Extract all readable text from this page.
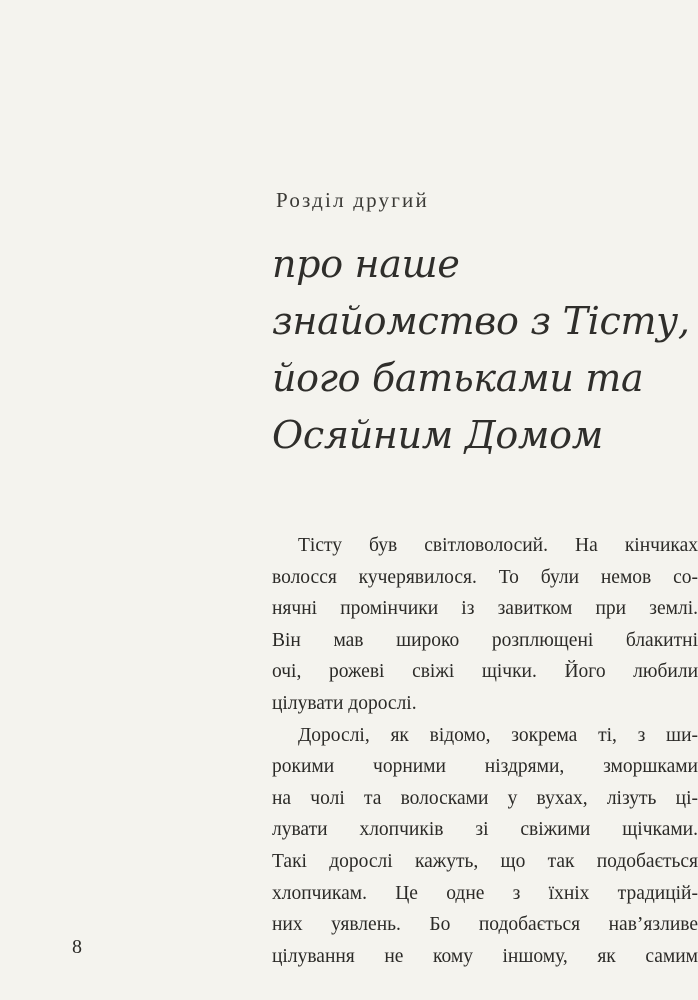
Розділ другий
про наше
знайомство з Тісту,
його батьками та
Осяйним Домом
Тісту був світловолосий. На кінчиках
волосся кучерявилося. То були немов со-
нячні промінчики із завитком при землі.
Він мав широко розплющені блакитні
очі, рожеві свіжі щічки. Його любили
цілувати дорослі.
Дорослі, як відомо, зокрема ті, з ши-
рокими чорними ніздрями, зморшками
на чолі та волосками у вухах, лізуть ці-
лувати хлопчиків зі свіжими щічками.
Такі дорослі кажуть, що так подобається
хлопчикам. Це одне з їхніх традицій-
них уявлень. Бо подобається нав’язливе
цілування не кому іншому, як самим
8
